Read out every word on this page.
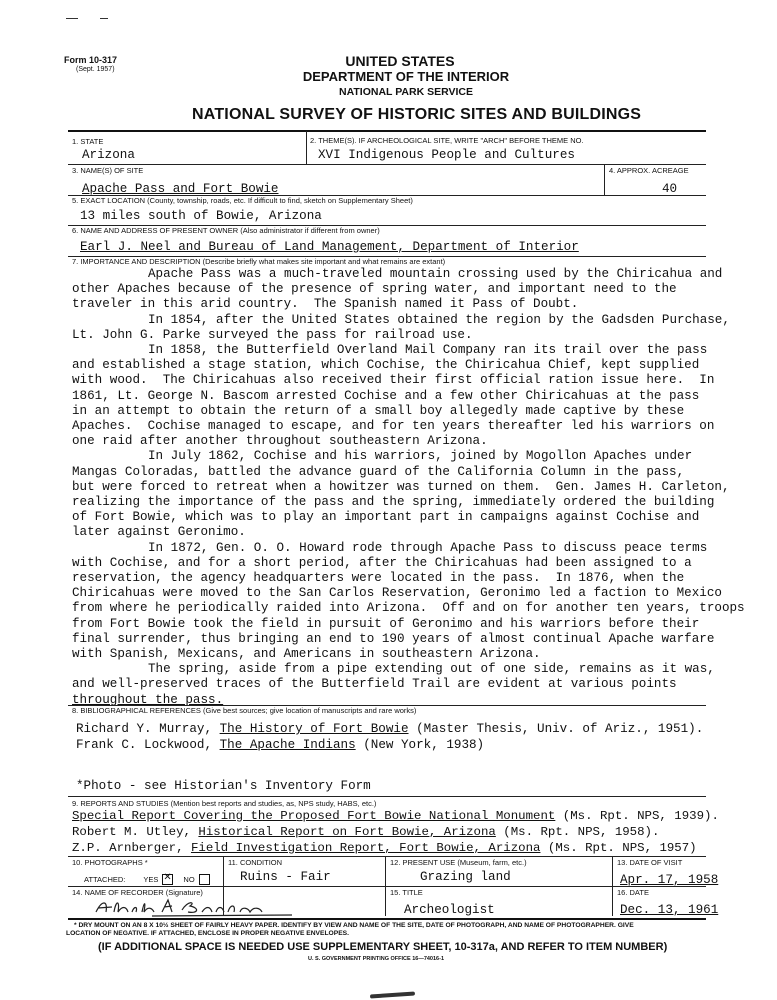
Form 10-317
(Sept. 1957)
UNITED STATES
DEPARTMENT OF THE INTERIOR
NATIONAL PARK SERVICE
NATIONAL SURVEY OF HISTORIC SITES AND BUILDINGS
1. STATE
Arizona
2. THEME(S). IF ARCHEOLOGICAL SITE, WRITE "ARCH" BEFORE THEME NO.
XVI Indigenous People and Cultures
3. NAME(S) OF SITE
Apache Pass and Fort Bowie
4. APPROX. ACREAGE
40
5. EXACT LOCATION (County, township, roads, etc. If difficult to find, sketch on Supplementary Sheet)
13 miles south of Bowie, Arizona
6. NAME AND ADDRESS OF PRESENT OWNER (Also administrator if different from owner)
Earl J. Neel and Bureau of Land Management, Department of Interior
7. IMPORTANCE AND DESCRIPTION (Describe briefly what makes site important and what remains are extant)

Apache Pass was a much-traveled mountain crossing used by the Chiricahua and

other Apaches because of the presence of spring water, and important need to the

traveler in this arid country.  The Spanish named it Pass of Doubt.

In 1854, after the United States obtained the region by the Gadsden Purchase,

Lt. John G. Parke surveyed the pass for railroad use.

In 1858, the Butterfield Overland Mail Company ran its trail over the pass

and established a stage station, which Cochise, the Chiricahua Chief, kept supplied

with wood.  The Chiricahuas also received their first official ration issue here.  In

1861, Lt. George N. Bascom arrested Cochise and a few other Chiricahuas at the pass

in an attempt to obtain the return of a small boy allegedly made captive by these

Apaches.  Cochise managed to escape, and for ten years thereafter led his warriors on

one raid after another throughout southeastern Arizona.

In July 1862, Cochise and his warriors, joined by Mogollon Apaches under

Mangas Coloradas, battled the advance guard of the California Column in the pass,

but were forced to retreat when a howitzer was turned on them.  Gen. James H. Carleton,

realizing the importance of the pass and the spring, immediately ordered the building

of Fort Bowie, which was to play an important part in campaigns against Cochise and

later against Geronimo.

In 1872, Gen. O. O. Howard rode through Apache Pass to discuss peace terms

with Cochise, and for a short period, after the Chiricahuas had been assigned to a

reservation, the agency headquarters were located in the pass.  In 1876, when the

Chiricahuas were moved to the San Carlos Reservation, Geronimo led a faction to Mexico

from where he periodically raided into Arizona.  Off and on for another ten years, troops

from Fort Bowie took the field in pursuit of Geronimo and his warriors before their

final surrender, thus bringing an end to 190 years of almost continual Apache warfare

with Spanish, Mexicans, and Americans in southeastern Arizona.

The spring, aside from a pipe extending out of one side, remains as it was,

and well-preserved traces of the Butterfield Trail are evident at various points

throughout the pass.

8. BIBLIOGRAPHICAL REFERENCES (Give best sources; give location of manuscripts and rare works)
Richard Y. Murray, The History of Fort Bowie (Master Thesis, Univ. of Ariz., 1951).
Frank C. Lockwood, The Apache Indians (New York, 1938)
*Photo - see Historian's Inventory Form
9. REPORTS AND STUDIES (Mention best reports and studies, as, NPS study, HABS, etc.)
Special Report Covering the Proposed Fort Bowie National Monument (Ms. Rpt. NPS, 1939).
Robert M. Utley, Historical Report on Fort Bowie, Arizona (Ms. Rpt. NPS, 1958).
Z.P. Arnberger, Field Investigation Report, Fort Bowie, Arizona (Ms. Rpt. NPS, 1957)
10. PHOTOGRAPHS *
ATTACHED: YES ✕ NO
11. CONDITION
Ruins - Fair
12. PRESENT USE (Museum, farm, etc.)
Grazing land
13. DATE OF VISIT
Apr. 17, 1958
14. NAME OF RECORDER (Signature)	15. TITLE
Archeologist
16. DATE
Dec. 13, 1961
* DRY MOUNT ON AN 8 X 10½ SHEET OF FAIRLY HEAVY PAPER. IDENTIFY BY VIEW AND NAME OF THE SITE, DATE OF PHOTOGRAPH, AND NAME OF PHOTOGRAPHER. GIVE
LOCATION OF NEGATIVE. IF ATTACHED, ENCLOSE IN PROPER NEGATIVE ENVELOPES.
(IF ADDITIONAL SPACE IS NEEDED USE SUPPLEMENTARY SHEET, 10-317a, AND REFER TO ITEM NUMBER)
U. S. GOVERNMENT PRINTING OFFICE 16—74016-1
